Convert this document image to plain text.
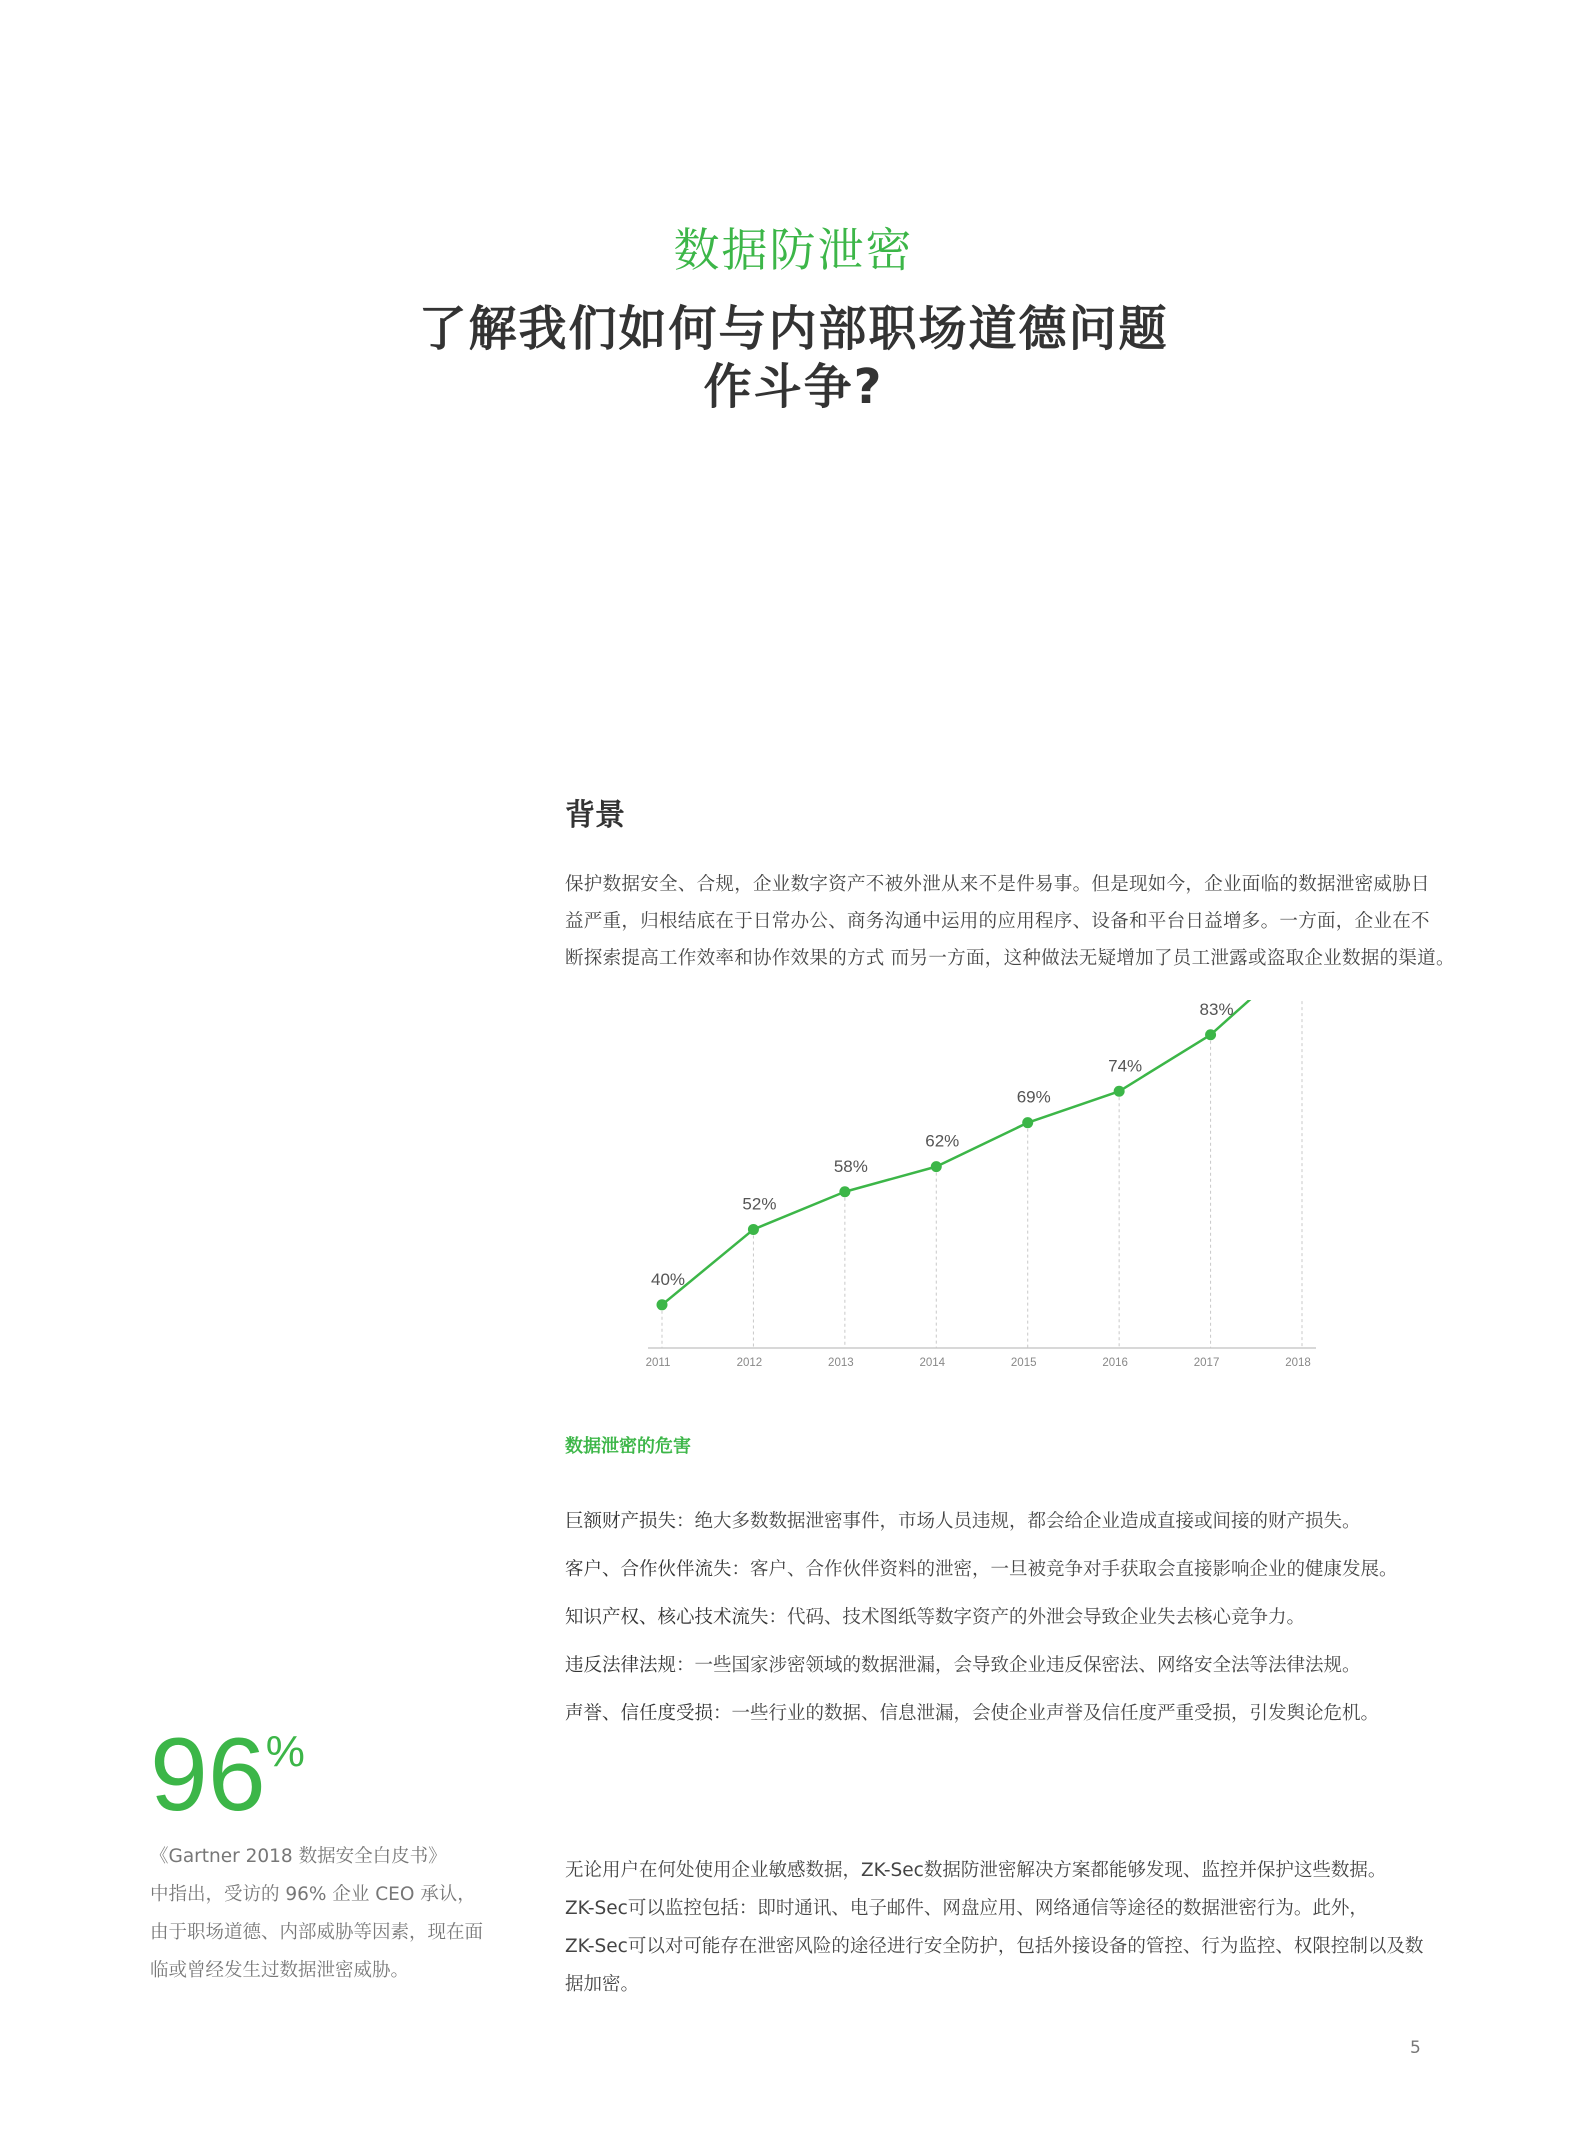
数据防泄密
了解我们如何与内部职场道德问题
作斗争?
背景
保护数据安全、合规，企业数字资产不被外泄从来不是件易事。但是现如今，企业面临的数据泄密威胁日
益严重，归根结底在于日常办公、商务沟通中运用的应用程序、设备和平台日益增多。一方面，企业在不
断探索提高工作效率和协作效果的方式 而另一方面，这种做法无疑增加了员工泄露或盗取企业数据的渠道。
40%
52%
58%
62%
69%
74%
83%
2011	2012	2013	2014	2015	2016	2017	2018
数据泄密的危害
巨额财产损失：绝大多数数据泄密事件，市场人员违规，都会给企业造成直接或间接的财产损失。
客户、合作伙伴流失：客户、合作伙伴资料的泄密，一旦被竞争对手获取会直接影响企业的健康发展。
知识产权、核心技术流失：代码、技术图纸等数字资产的外泄会导致企业失去核心竞争力。
违反法律法规：一些国家涉密领域的数据泄漏，会导致企业违反保密法、网络安全法等法律法规。
声誉、信任度受损：一些行业的数据、信息泄漏，会使企业声誉及信任度严重受损，引发舆论危机。
96%
《Gartner 2018 数据安全白皮书》
中指出，受访的 96% 企业 CEO 承认，
由于职场道德、内部威胁等因素，现在面
临或曾经发生过数据泄密威胁。
无论用户在何处使用企业敏感数据，ZK-Sec数据防泄密解决方案都能够发现、监控并保护这些数据。
ZK-Sec可以监控包括：即时通讯、电子邮件、网盘应用、网络通信等途径的数据泄密行为。此外，
ZK-Sec可以对可能存在泄密风险的途径进行安全防护，包括外接设备的管控、行为监控、权限控制以及数
据加密。
5
